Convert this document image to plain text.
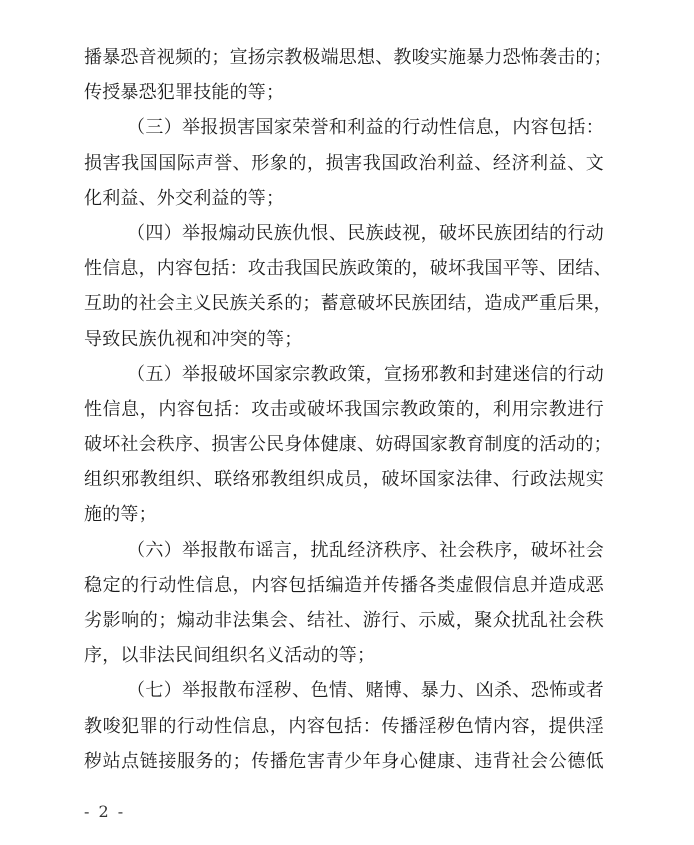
播暴恐音视频的；宣扬宗教极端思想、教唆实施暴力恐怖袭击的；
传授暴恐犯罪技能的等；
（三）举报损害国家荣誉和利益的行动性信息，内容包括：
损害我国国际声誉、形象的，损害我国政治利益、经济利益、文
化利益、外交利益的等；
（四）举报煽动民族仇恨、民族歧视，破坏民族团结的行动
性信息，内容包括：攻击我国民族政策的，破坏我国平等、团结、
互助的社会主义民族关系的；蓄意破坏民族团结，造成严重后果，
导致民族仇视和冲突的等；
（五）举报破坏国家宗教政策，宣扬邪教和封建迷信的行动
性信息，内容包括：攻击或破坏我国宗教政策的，利用宗教进行
破坏社会秩序、损害公民身体健康、妨碍国家教育制度的活动的；
组织邪教组织、联络邪教组织成员，破坏国家法律、行政法规实
施的等；
（六）举报散布谣言，扰乱经济秩序、社会秩序，破坏社会
稳定的行动性信息，内容包括编造并传播各类虚假信息并造成恶
劣影响的；煽动非法集会、结社、游行、示威，聚众扰乱社会秩
序，以非法民间组织名义活动的等；
（七）举报散布淫秽、色情、赌博、暴力、凶杀、恐怖或者
教唆犯罪的行动性信息，内容包括：传播淫秽色情内容，提供淫
秽站点链接服务的；传播危害青少年身心健康、违背社会公德低
- 2 -
